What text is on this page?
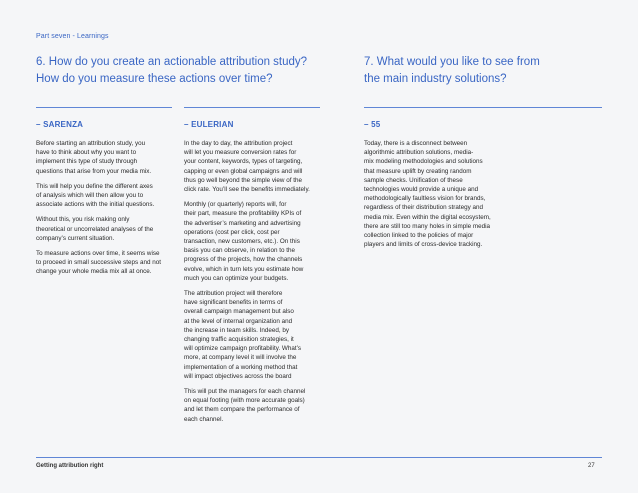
Part seven - Learnings
6. How do you create an actionable attribution study?
How do you measure these actions over time?
7. What would you like to see from
the main industry solutions?
– SARENZA
Before starting an attribution study, you
have to think about why you want to
implement this type of study through
questions that arise from your media mix.
This will help you define the different axes
of analysis which will then allow you to
associate actions with the initial questions.
Without this, you risk making only
theoretical or uncorrelated analyses of the
company’s current situation.
To measure actions over time, it seems wise
to proceed in small successive steps and not
change your whole media mix all at once.
– EULERIAN
In the day to day, the attribution project
will let you measure conversion rates for
your content, keywords, types of targeting,
capping or even global campaigns and will
thus go well beyond the simple view of the
click rate. You’ll see the benefits immediately.
Monthly (or quarterly) reports will, for
their part, measure the profitability KPIs of
the advertiser’s marketing and advertising
operations (cost per click, cost per
transaction, new customers, etc.). On this
basis you can observe, in relation to the
progress of the projects, how the channels
evolve, which in turn lets you estimate how
much you can optimize your budgets.
The attribution project will therefore
have significant benefits in terms of
overall campaign management but also
at the level of internal organization and
the increase in team skills. Indeed, by
changing traffic acquisition strategies, it
will optimize campaign profitability. What’s
more, at company level it will involve the
implementation of a working method that
will impact objectives across the board
This will put the managers for each channel
on equal footing (with more accurate goals)
and let them compare the performance of
each channel.
– 55
Today, there is a disconnect between
algorithmic attribution solutions, media-
mix modeling methodologies and solutions
that measure uplift by creating random
sample checks. Unification of these
technologies would provide a unique and
methodologically faultless vision for brands,
regardless of their distribution strategy and
media mix. Even within the digital ecosystem,
there are still too many holes in simple media
collection linked to the policies of major
players and limits of cross-device tracking.
Getting attribution right	27
